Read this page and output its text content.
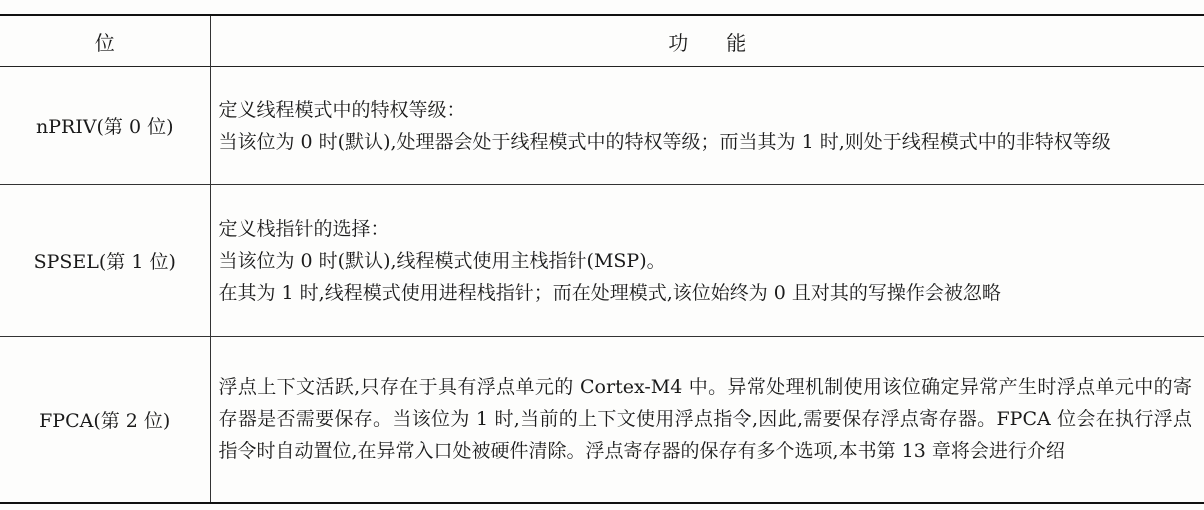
位	功能
nPRIV(第 0 位)	定义线程模式中的特权等级：
当该位为 0 时(默认),处理器会处于线程模式中的特权等级；而当其为 1 时,则处于线程模式中的非特权等级

SPSEL(第 1 位)	定义栈指针的选择：
当该位为 0 时(默认),线程模式使用主栈指针(MSP)。
在其为 1 时,线程模式使用进程栈指针；而在处理模式,该位始终为 0 且对其的写操作会被忽略

FPCA(第 2 位)	浮点上下文活跃,只存在于具有浮点单元的 Cortex-M4 中。异常处理机制使用该位确定异常产生时浮点单元中的寄存器是否需要保存。当该位为 1 时,当前的上下文使用浮点指令,因此,需要保存浮点寄存器。FPCA 位会在执行浮点指令时自动置位,在异常入口处被硬件清除。浮点寄存器的保存有多个选项,本书第 13 章将会进行介绍
